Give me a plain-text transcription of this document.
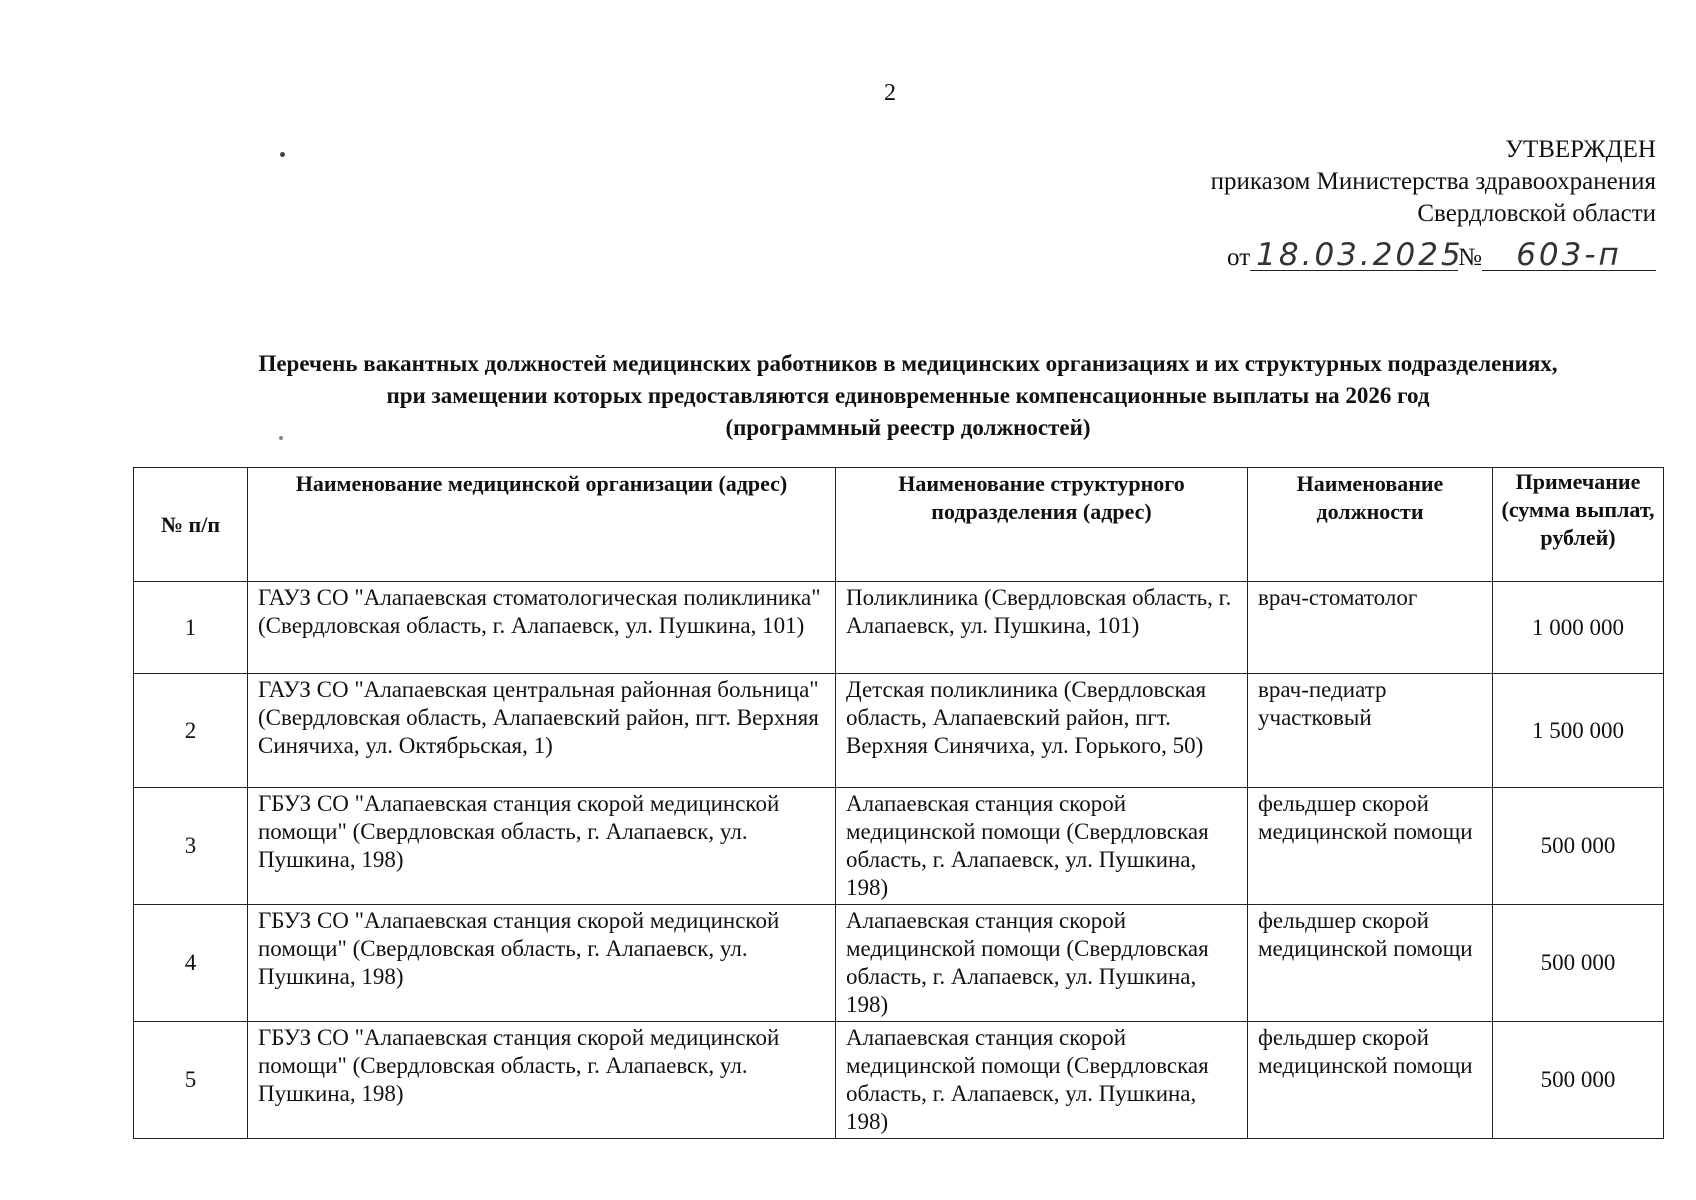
2
УТВЕРЖДЕН
приказом Министерства здравоохранения
Свердловской области
от 18.03.2025№ 603-п
Перечень вакантных должностей медицинских работников в медицинских организациях и их структурных подразделениях,
при замещении которых предоставляются единовременные компенсационные выплаты на 2026 год
(программный реестр должностей)
№ п/п	Наименование медицинской организации (адрес)	Наименование структурного подразделения (адрес)	Наименование должности	Примечание (сумма выплат, рублей)
1	ГАУЗ СО "Алапаевская стоматологическая поликлиника" (Свердловская область, г. Алапаевск, ул. Пушкина, 101)	Поликлиника (Свердловская область, г. Алапаевск, ул. Пушкина, 101)	врач-стоматолог	1 000 000
2	ГАУЗ СО "Алапаевская центральная районная больница" (Свердловская область, Алапаевский район, пгт. Верхняя Синячиха, ул. Октябрьская, 1)	Детская поликлиника (Свердловская область, Алапаевский район, пгт. Верхняя Синячиха, ул. Горького, 50)	врач-педиатр участковый	1 500 000
3	ГБУЗ СО "Алапаевская станция скорой медицинской помощи" (Свердловская область, г. Алапаевск, ул. Пушкина, 198)	Алапаевская станция скорой медицинской помощи (Свердловская область, г. Алапаевск, ул. Пушкина, 198)	фельдшер скорой медицинской помощи	500 000
4	ГБУЗ СО "Алапаевская станция скорой медицинской помощи" (Свердловская область, г. Алапаевск, ул. Пушкина, 198)	Алапаевская станция скорой медицинской помощи (Свердловская область, г. Алапаевск, ул. Пушкина, 198)	фельдшер скорой медицинской помощи	500 000
5	ГБУЗ СО "Алапаевская станция скорой медицинской помощи" (Свердловская область, г. Алапаевск, ул. Пушкина, 198)	Алапаевская станция скорой медицинской помощи (Свердловская область, г. Алапаевск, ул. Пушкина, 198)	фельдшер скорой медицинской помощи	500 000
